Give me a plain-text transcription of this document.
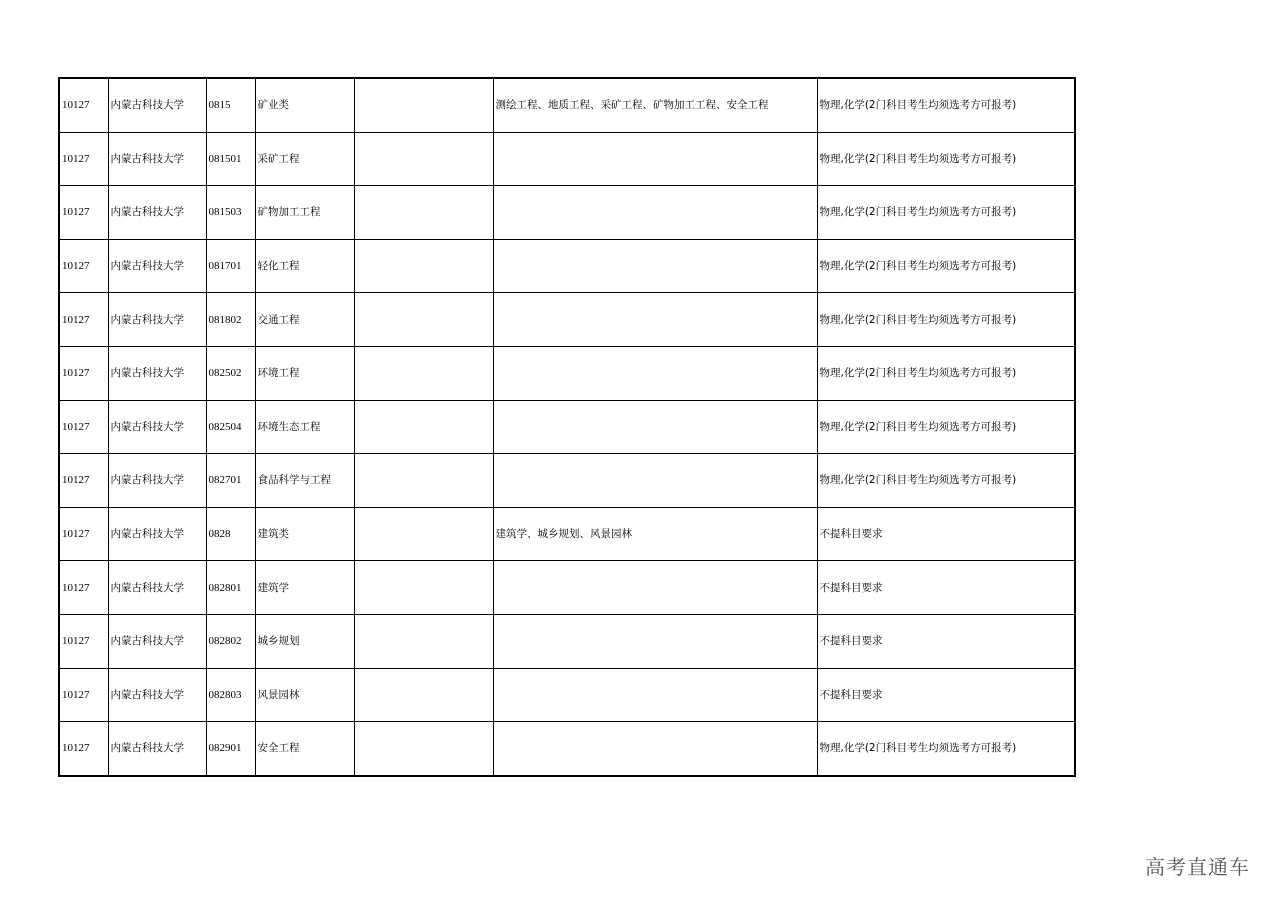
10127	内蒙古科技大学	0815	矿业类		测绘工程、地质工程、采矿工程、矿物加工工程、安全工程	物理,化学(2门科目考生均须选考方可报考)
10127	内蒙古科技大学	081501	采矿工程			物理,化学(2门科目考生均须选考方可报考)
10127	内蒙古科技大学	081503	矿物加工工程			物理,化学(2门科目考生均须选考方可报考)
10127	内蒙古科技大学	081701	轻化工程			物理,化学(2门科目考生均须选考方可报考)
10127	内蒙古科技大学	081802	交通工程			物理,化学(2门科目考生均须选考方可报考)
10127	内蒙古科技大学	082502	环境工程			物理,化学(2门科目考生均须选考方可报考)
10127	内蒙古科技大学	082504	环境生态工程			物理,化学(2门科目考生均须选考方可报考)
10127	内蒙古科技大学	082701	食品科学与工程			物理,化学(2门科目考生均须选考方可报考)
10127	内蒙古科技大学	0828	建筑类		建筑学、城乡规划、风景园林	不提科目要求
10127	内蒙古科技大学	082801	建筑学			不提科目要求
10127	内蒙古科技大学	082802	城乡规划			不提科目要求
10127	内蒙古科技大学	082803	风景园林			不提科目要求
10127	内蒙古科技大学	082901	安全工程			物理,化学(2门科目考生均须选考方可报考)
高考直通车
